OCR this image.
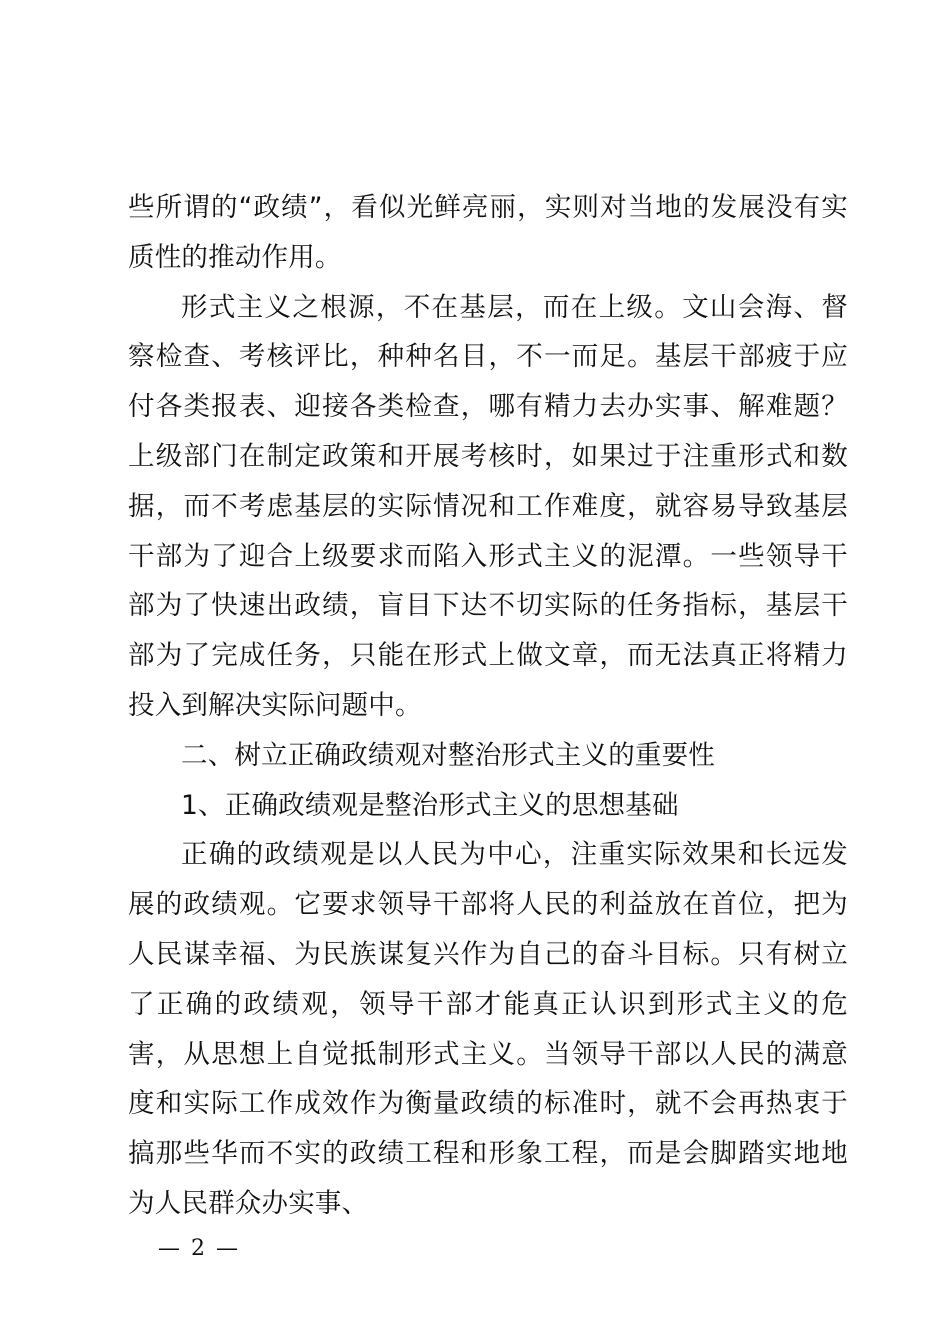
些所谓的“政绩”，看似光鲜亮丽，实则对当地的发展没有实质性的推动作用。

形式主义之根源，不在基层，而在上级。文山会海、督察检查、考核评比，种种名目，不一而足。基层干部疲于应付各类报表、迎接各类检查，哪有精力去办实事、解难题？上级部门在制定政策和开展考核时，如果过于注重形式和数据，而不考虑基层的实际情况和工作难度，就容易导致基层干部为了迎合上级要求而陷入形式主义的泥潭。一些领导干部为了快速出政绩，盲目下达不切实际的任务指标，基层干部为了完成任务，只能在形式上做文章，而无法真正将精力投入到解决实际问题中。

二、树立正确政绩观对整治形式主义的重要性

1、正确政绩观是整治形式主义的思想基础

正确的政绩观是以人民为中心，注重实际效果和长远发展的政绩观。它要求领导干部将人民的利益放在首位，把为人民谋幸福、为民族谋复兴作为自己的奋斗目标。只有树立了正确的政绩观，领导干部才能真正认识到形式主义的危害，从思想上自觉抵制形式主义。当领导干部以人民的满意度和实际工作成效作为衡量政绩的标准时，就不会再热衷于搞那些华而不实的政绩工程和形象工程，而是会脚踏实地地为人民群众办实事、

— 2 —
